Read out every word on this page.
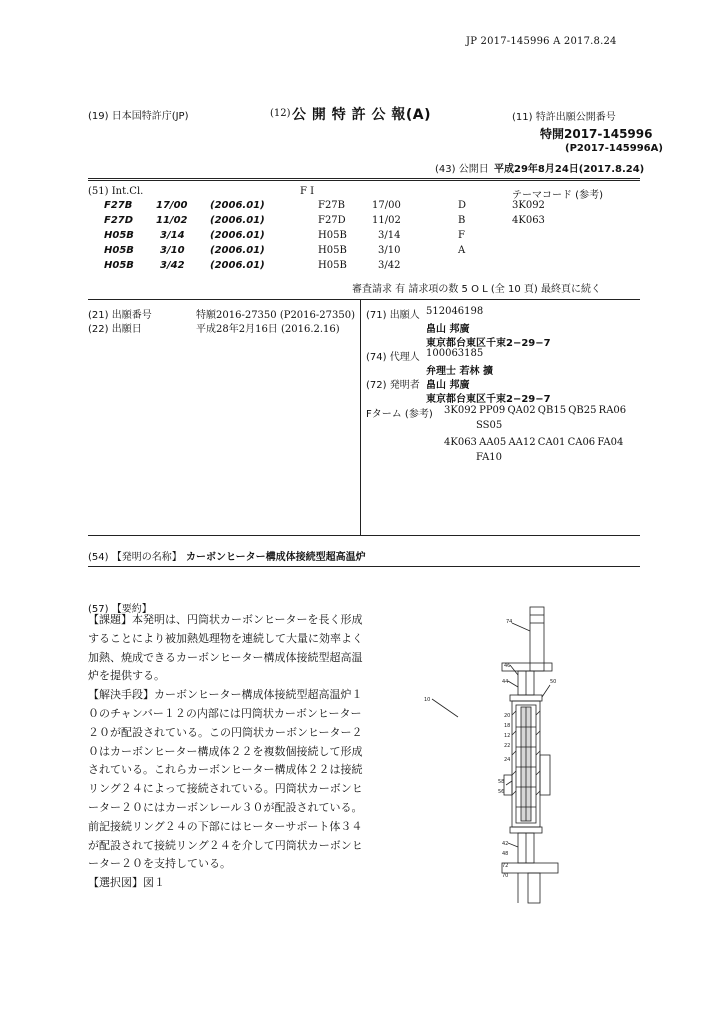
JP 2017-145996 A 2017.8.24
(19) 日本国特許庁(JP)	(12) 公 開 特 許 公 報(A)	(11) 特許出願公開番号
特開2017-145996
(P2017-145996A)
(43) 公開日 平成29年8月24日(2017.8.24)
(51) Int.Cl.	F I	テーマコード (参考)
F27B 17/00 (2006.01)	F27B	17/00	D	3K092
F27D 11/02 (2006.01)	F27D	11/02	B	4K063
H05B	3/14	(2006.01)	H05B	3/14	F
H05B	3/10	(2006.01)	H05B	3/10	A
H05B	3/42	(2006.01)	H05B	3/42
審査請求 有 請求項の数 5 O L (全 10 頁) 最終頁に続く
(21) 出願番号	特願2016-27350 (P2016-27350)
(22) 出願日	平成28年2月16日 (2016.2.16)
(71) 出願人 512046198
畠山 邦廣
東京都台東区千束2−29−7
(74) 代理人 100063185
弁理士 若林 擴
(72) 発明者 畠山 邦廣
東京都台東区千束2−29−7
Fターム (参考) 3K092 PP09 QA02 QB15 QB25 RA06
SS05
4K063 AA05 AA12 CA01 CA06 FA04
FA10
(54) 【発明の名称】 カーボンヒーター構成体接続型超高温炉
(57) 【要約】

【課題】本発明は、円筒状カーボンヒーターを長く形成

することにより被加熱処理物を連続して大量に効率よく

加熱、焼成できるカーボンヒーター構成体接続型超高温

炉を提供する。

【解決手段】カーボンヒーター構成体接続型超高温炉１

０のチャンバー１２の内部には円筒状カーボンヒーター

２０が配設されている。この円筒状カーボンヒーター２

０はカーボンヒーター構成体２２を複数個接続して形成

されている。これらカーボンヒーター構成体２２は接続

リング２４によって接続されている。円筒状カーボンヒ

ーター２０にはカーボンレール３０が配設されている。

前記接続リング２４の下部にはヒーターサポート体３４

が配設されて接続リング２４を介して円筒状カーボンヒ

ーター２０を支持している。

【選択図】図１

10
74
46
44	50
20
18
12
22
24
58
56
42
48
72
70
